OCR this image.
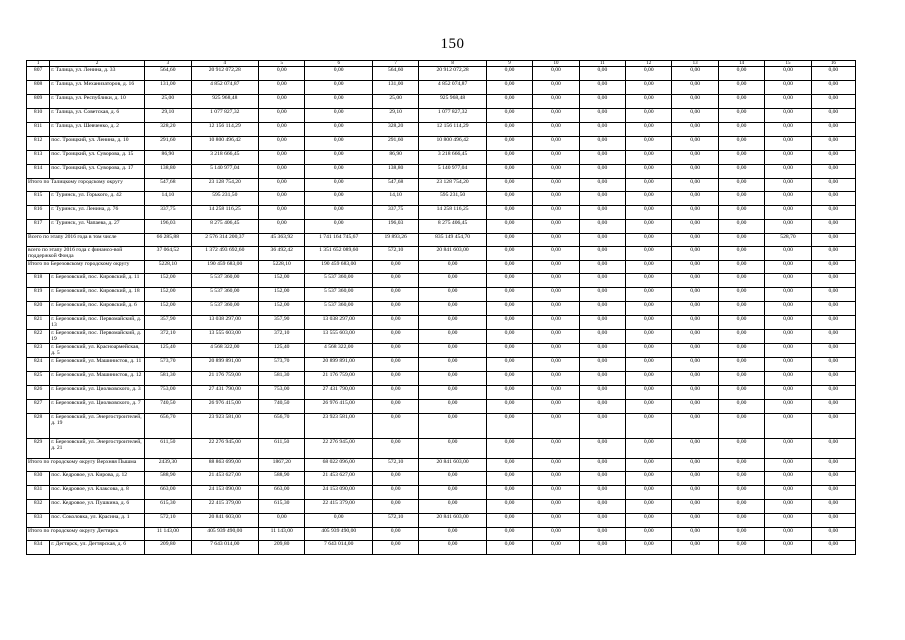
150
1	2	3	4	5	6	7	8	9	10	11	12	13	14	15	16
807	г. Талица, ул. Ленина, д. 33	564,60	20 912 072,28	0,00	0,00	564,60	20 912 072,28	0,00	0,00	0,00	0,00	0,00	0,00	0,00	0,00
808	г. Талица, ул. Механизаторов, д. 16	131,00	4 852 074,87	0,00	0,00	131,00	4 852 074,87	0,00	0,00	0,00	0,00	0,00	0,00	0,00	0,00
809	г. Талица, ул. Республики, д. 10	25,00	925 968,48	0,00	0,00	25,00	925 968,48	0,00	0,00	0,00	0,00	0,00	0,00	0,00	0,00
810	г. Талица, ул. Советская, д. 6	29,10	1 077 827,32	0,00	0,00	29,10	1 077 827,32	0,00	0,00	0,00	0,00	0,00	0,00	0,00	0,00
811	г. Талица, ул. Шевченко, д. 2	328,20	12 156 114,29	0,00	0,00	328,20	12 156 114,29	0,00	0,00	0,00	0,00	0,00	0,00	0,00	0,00
812	пос. Троицкий, ул. Ленина, д. 10	291,60	10 800 496,42	0,00	0,00	291,60	10 800 496,42	0,00	0,00	0,00	0,00	0,00	0,00	0,00	0,00
813	пос. Троицкий, ул. Суворова, д. 15	86,90	3 218 666,45	0,00	0,00	86,90	3 218 666,45	0,00	0,00	0,00	0,00	0,00	0,00	0,00	0,00
814	пос. Троицкий, ул. Суворова, д. 17	138,80	5 140 977,04	0,00	0,00	138,80	5 140 977,04	0,00	0,00	0,00	0,00	0,00	0,00	0,00	0,00
Итого по Талицкому городскому округу		547,68	23 128 754,20	0,00	0,00	547,68	23 128 754,20	0,00	0,00	0,00	0,00	0,00	0,00	0,00	0,00
815	г. Туринск, ул. Горького, д. 42	14,10	595 231,50	0,00	0,00	14,10	595 231,50	0,00	0,00	0,00	0,00	0,00	0,00	0,00	0,00
816	г. Туринск, ул. Ленина, д. 76	337,75	14 258 116,25	0,00	0,00	337,75	14 258 116,25	0,00	0,00	0,00	0,00	0,00	0,00	0,00	0,00
817	г. Туринск, ул. Чапаева, д. 27	196,03	8 275 406,45	0,00	0,00	196,03	8 275 406,45	0,00	0,00	0,00	0,00	0,00	0,00	0,00	0,00
Всего по этапу 2016 года в том числе		66 285,88	2 576 314 200,37	45 363,92	1 741 164 745,67	19 893,26	835 149 454,70	0,00	0,00	0,00	0,00	0,00	0,00	528,70	0,00
всего по этапу 2016 года с финансо-вой поддержкой Фонда		37 064,52	1 372 493 692,60	36 492,42	1 351 652 089,60	572,10	20 841 603,00	0,00	0,00	0,00	0,00	0,00	0,00	0,00	0,00
Итого по Березовскому городскому округу		5228,10	190 459 683,00	5228,10	190 459 683,00	0,00	0,00	0,00	0,00	0,00	0,00	0,00	0,00	0,00	0,00
818	г. Березовский, пос. Кировский, д. 11	152,00	5 537 360,00	152,00	5 537 360,00	0,00	0,00	0,00	0,00	0,00	0,00	0,00	0,00	0,00	0,00
819	г. Березовский, пос. Кировский, д. 18	152,00	5 537 360,00	152,00	5 537 360,00	0,00	0,00	0,00	0,00	0,00	0,00	0,00	0,00	0,00	0,00
820	г. Березовский, пос. Кировский, д. 6	152,00	5 537 360,00	152,00	5 537 360,00	0,00	0,00	0,00	0,00	0,00	0,00	0,00	0,00	0,00	0,00
821	г. Березовский, пос. Первомайский, д. 13	357,90	13 038 297,00	357,90	13 038 297,00	0,00	0,00	0,00	0,00	0,00	0,00	0,00	0,00	0,00	0,00
822	г. Березовский, пос. Первомайский, д. 19	372,10	13 555 603,00	372,10	13 555 603,00	0,00	0,00	0,00	0,00	0,00	0,00	0,00	0,00	0,00	0,00
823	г. Березовский, ул. Красноармейская, д. 5	125,40	4 568 322,00	125,40	4 568 322,00	0,00	0,00	0,00	0,00	0,00	0,00	0,00	0,00	0,00	0,00
824	г. Березовский, ул. Машинистов, д. 11	573,70	20 899 891,00	573,70	20 899 891,00	0,00	0,00	0,00	0,00	0,00	0,00	0,00	0,00	0,00	0,00
825	г. Березовский, ул. Машинистов, д. 12	581,30	21 176 759,00	581,30	21 176 759,00	0,00	0,00	0,00	0,00	0,00	0,00	0,00	0,00	0,00	0,00
826	г. Березовский, ул. Циолковского, д. 3	753,00	27 431 790,00	753,00	27 431 790,00	0,00	0,00	0,00	0,00	0,00	0,00	0,00	0,00	0,00	0,00
827	г. Березовский, ул. Циолковского, д. 7	740,50	26 976 415,00	740,50	26 976 415,00	0,00	0,00	0,00	0,00	0,00	0,00	0,00	0,00	0,00	0,00
828	г. Березовский, ул. Энергостроителей, д. 19	656,70	23 923 581,00	656,70	23 923 581,00	0,00	0,00	0,00	0,00	0,00	0,00	0,00	0,00	0,00	0,00
829	г. Березовский, ул. Энергостроителей, д. 21	611,50	22 276 945,00	611,50	22 276 945,00	0,00	0,00	0,00	0,00	0,00	0,00	0,00	0,00	0,00	0,00
Итого по городскому округу Верхняя Пышма		2439,30	88 863 699,00	1867,20	68 022 096,00	572,10	20 841 603,00	0,00	0,00	0,00	0,00	0,00	0,00	0,00	0,00
830	пос. Кедровое, ул. Кирова, д. 12	588,90	21 453 627,00	588,90	21 453 627,00	0,00	0,00	0,00	0,00	0,00	0,00	0,00	0,00	0,00	0,00
831	пос. Кедровое, ул. Клаксова, д. 8	663,00	24 153 090,00	663,00	24 153 090,00	0,00	0,00	0,00	0,00	0,00	0,00	0,00	0,00	0,00	0,00
832	пос. Кедровое, ул. Пушкина, д. 6	615,30	22 415 379,00	615,30	22 415 379,00	0,00	0,00	0,00	0,00	0,00	0,00	0,00	0,00	0,00	0,00
833	пос. Соколовка, ул. Красина, д. 1	572,10	20 841 603,00	0,00	0,00	572,10	20 841 603,00	0,00	0,00	0,00	0,00	0,00	0,00	0,00	0,00
Итого по городскому округу Дегтярск		11 143,00	405 939 490,00	11 143,00	405 939 490,00	0,00	0,00	0,00	0,00	0,00	0,00	0,00	0,00	0,00	0,00
834	г. Дегтярск, ул. Дегтярская, д. 6	209,80	7 643 014,00	209,80	7 643 014,00	0,00	0,00	0,00	0,00	0,00	0,00	0,00	0,00	0,00	0,00
